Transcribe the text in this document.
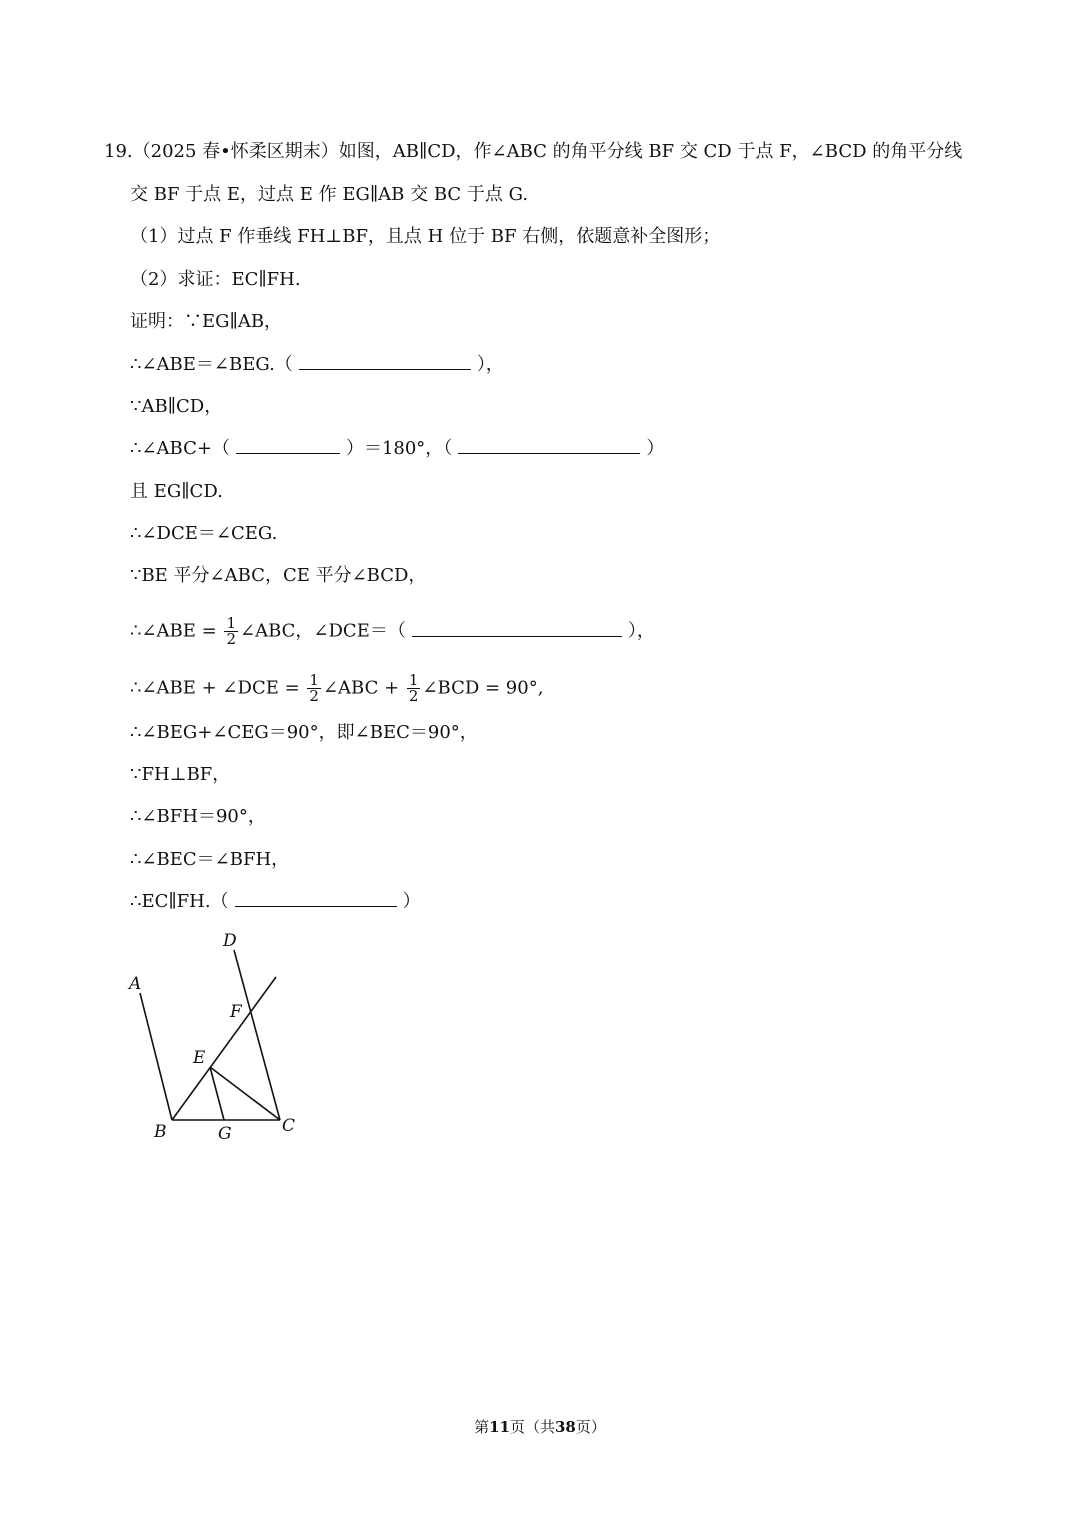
19.（2025 春•怀柔区期末）如图，AB∥CD，作∠ABC 的角平分线 BF 交 CD 于点 F，∠BCD 的角平分线
交 BF 于点 E，过点 E 作 EG∥AB 交 BC 于点 G.
（1）过点 F 作垂线 FH⊥BF，且点 H 位于 BF 右侧，依题意补全图形；
（2）求证：EC∥FH.
证明：∵EG∥AB，
∴∠ABE＝∠BEG.（	），
∵AB∥CD，
∴∠ABC+（	）＝180°，（	）
且 EG∥CD.
∴∠DCE＝∠CEG.
∵BE 平分∠ABC，CE 平分∠BCD，
∴∠ABE = $\frac{1}{2}$ ∠ABC，∠DCE＝（	），
∴∠ABE + ∠DCE = $\frac{1}{2}$ ∠ABC + $\frac{1}{2}$ ∠BCD = 90°,
∴∠BEG+∠CEG＝90°，即∠BEC＝90°，
∵FH⊥BF，
∴∠BFH＝90°，
∴∠BEC＝∠BFH，
∴EC∥FH.（	）
A
D
F
E
B	G	C
第11页（共38页）
